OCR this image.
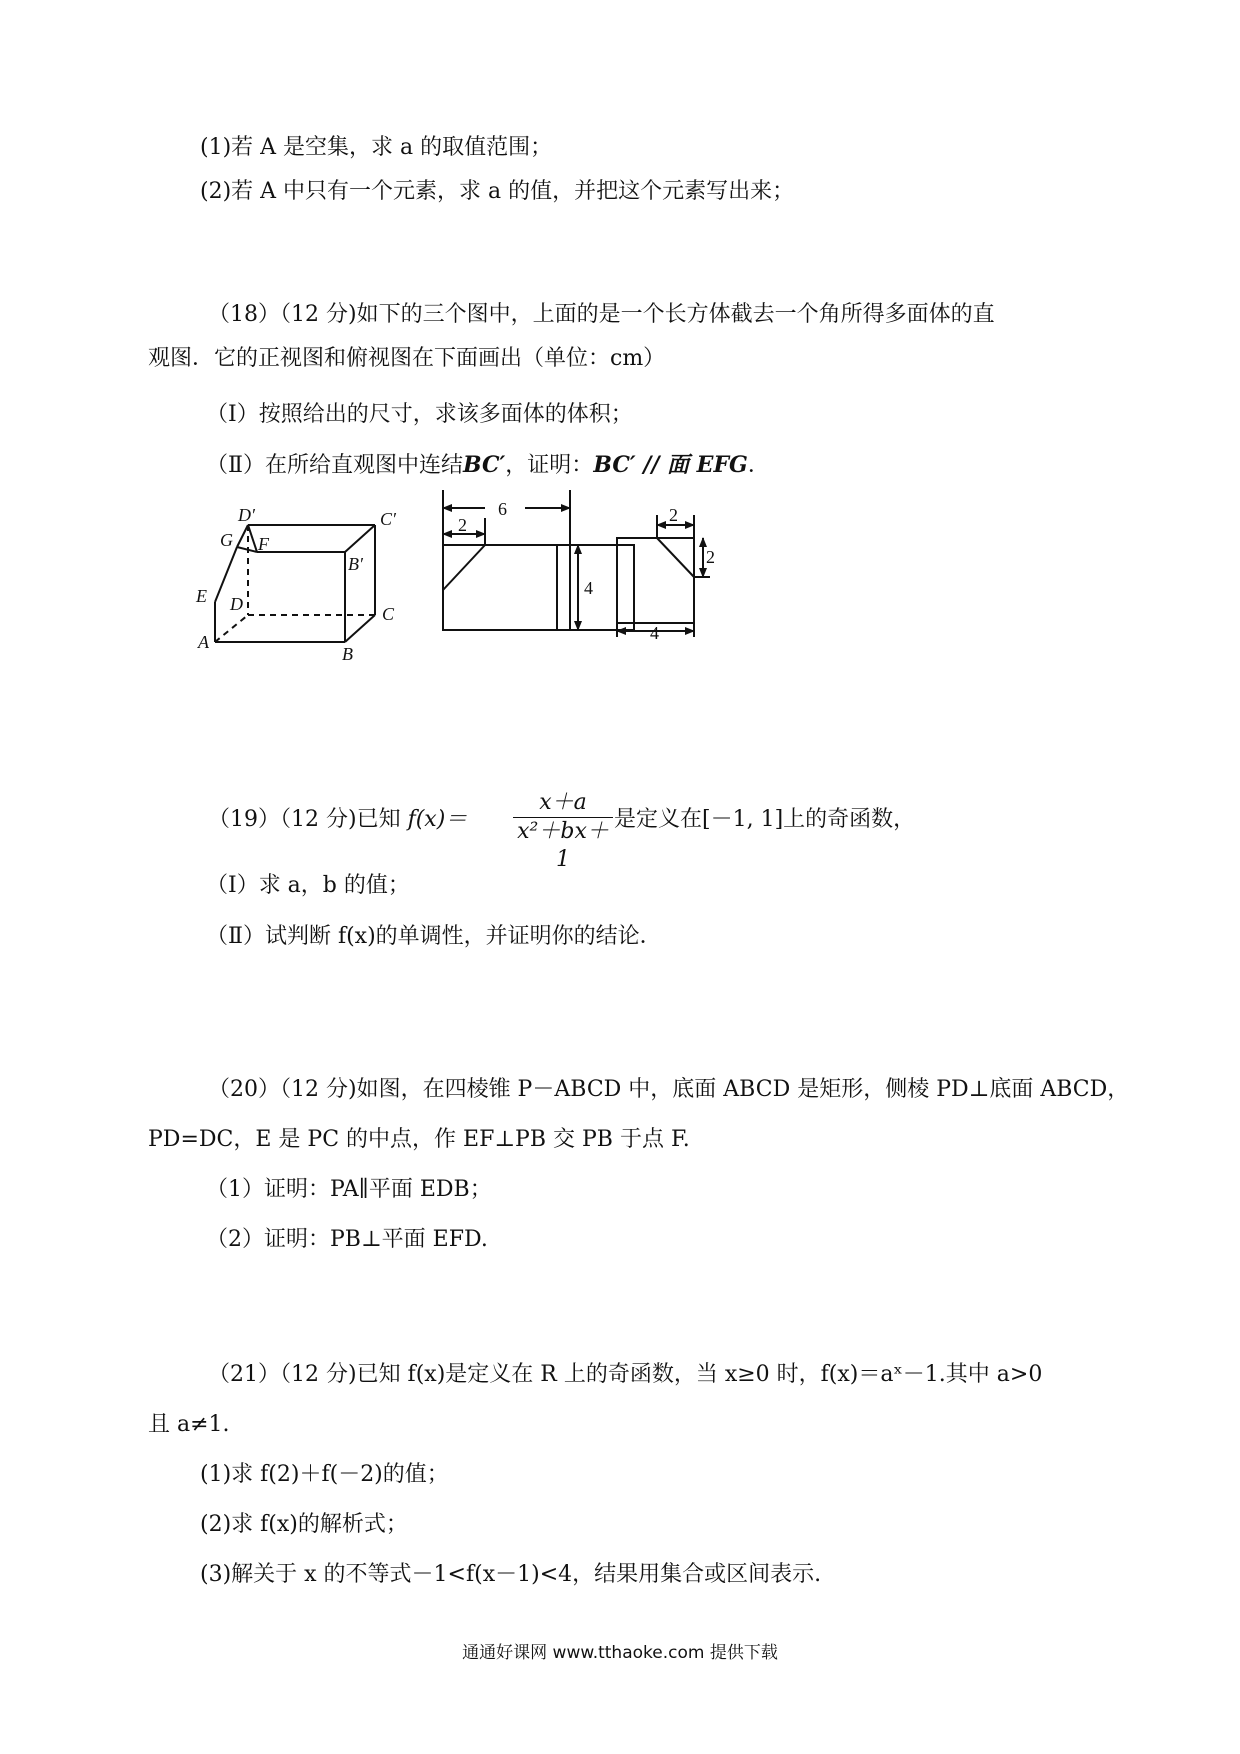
(1)若 A 是空集，求 a 的取值范围；
(2)若 A 中只有一个元素，求 a 的值，并把这个元素写出来；
（18）（12 分)如下的三个图中，上面的是一个长方体截去一个角所得多面体的直
观图．它的正视图和俯视图在下面画出（单位：cm）
（Ⅰ）按照给出的尺寸，求该多面体的体积；
（Ⅱ）在所给直观图中连结BC′，证明：BC′ // 面 EFG．
D′
G F
C′
B′
E D	C
A
B
6
2
4
2
2
4
（19）（12 分)已知 $f(x)= \frac{x+a}{\text{x²＋bx＋1}}$ 是定义在[－1, 1]上的奇函数，
（Ⅰ）求 a，b 的值；
（Ⅱ）试判断 f(x)的单调性，并证明你的结论．
（20）（12 分)如图，在四棱锥 P－ABCD 中，底面 ABCD 是矩形，侧棱 PD⊥底面 ABCD，
PD=DC，E 是 PC 的中点，作 EF⊥PB 交 PB 于点 F.
（1）证明：PA∥平面 EDB；
（2）证明：PB⊥平面 EFD.
（21）（12 分)已知 f(x)是定义在 R 上的奇函数，当 x≥0 时，f(x)＝aˣ－1.其中 a>0
且 a≠1.
(1)求 f(2)＋f(－2)的值；
(2)求 f(x)的解析式；
(3)解关于 x 的不等式－1<f(x－1)<4，结果用集合或区间表示.
通通好课网 www.tthaoke.com 提供下载
